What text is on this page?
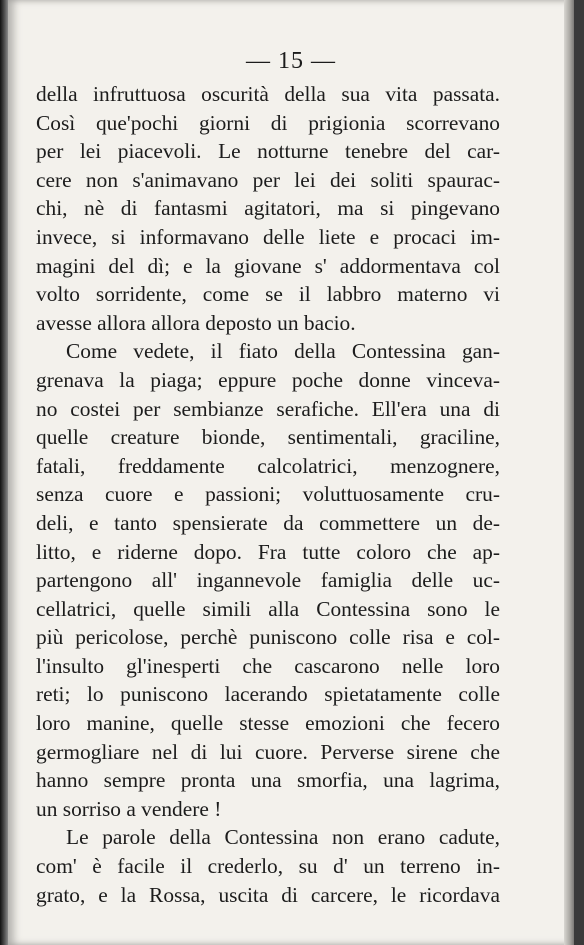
— 15 —
della infruttuosa oscurità della sua vita passata.
Così que'pochi giorni di prigionia scorrevano
per lei piacevoli. Le notturne tenebre del car-
cere non s'animavano per lei dei soliti spaurac-
chi, nè di fantasmi agitatori, ma si pingevano
invece, si informavano delle liete e procaci im-
magini del dì; e la giovane s' addormentava col
volto sorridente, come se il labbro materno vi
avesse allora allora deposto un bacio.
Come vedete, il fiato della Contessina gan-
grenava la piaga; eppure poche donne vinceva-
no costei per sembianze serafiche. Ell'era una di
quelle creature bionde, sentimentali, graciline,
fatali, freddamente calcolatrici, menzognere,
senza cuore e passioni; voluttuosamente cru-
deli, e tanto spensierate da commettere un de-
litto, e riderne dopo. Fra tutte coloro che ap-
partengono all' ingannevole famiglia delle uc-
cellatrici, quelle simili alla Contessina sono le
più pericolose, perchè puniscono colle risa e col-
l'insulto gl'inesperti che cascarono nelle loro
reti; lo puniscono lacerando spietatamente colle
loro manine, quelle stesse emozioni che fecero
germogliare nel di lui cuore. Perverse sirene che
hanno sempre pronta una smorfia, una lagrima,
un sorriso a vendere !
Le parole della Contessina non erano cadute,
com' è facile il crederlo, su d' un terreno in-
grato, e la Rossa, uscita di carcere, le ricordava
